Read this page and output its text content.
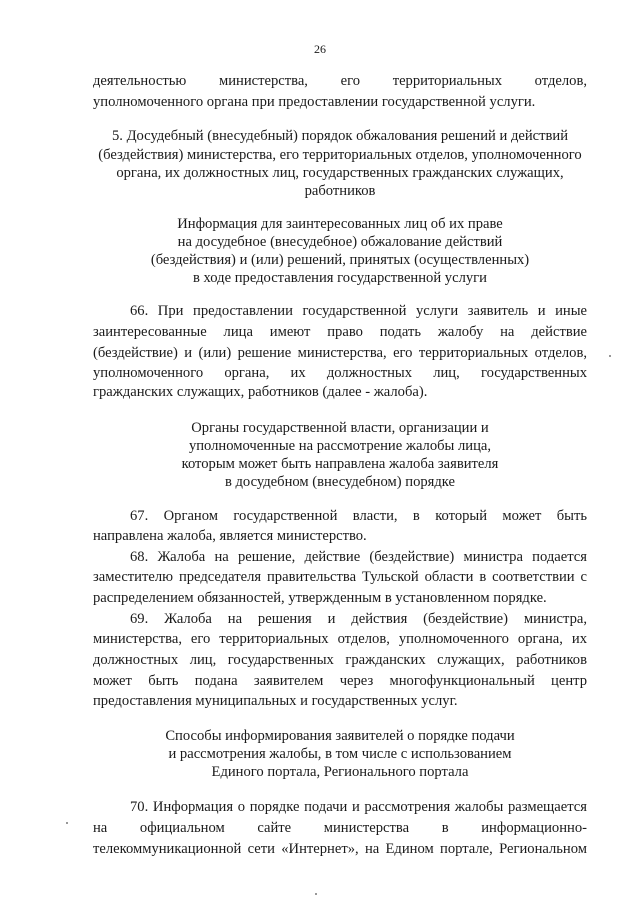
26
деятельностью министерства, его территориальных отделов,
уполномоченного органа при предоставлении государственной услуги.
5. Досудебный (внесудебный) порядок обжалования решений и действий
(бездействия) министерства, его территориальных отделов, уполномоченного
органа, их должностных лиц, государственных гражданских служащих,
работников
Информация для заинтересованных лиц об их праве
на досудебное (внесудебное) обжалование действий
(бездействия) и (или) решений, принятых (осуществленных)
в ходе предоставления государственной услуги
66. При предоставлении государственной услуги заявитель и иные
заинтересованные лица имеют право подать жалобу на действие
(бездействие) и (или) решение министерства, его территориальных отделов,
уполномоченного органа, их должностных лиц, государственных
гражданских служащих, работников (далее - жалоба).
Органы государственной власти, организации и
уполномоченные на рассмотрение жалобы лица,
которым может быть направлена жалоба заявителя
в досудебном (внесудебном) порядке
67. Органом государственной власти, в который может быть
направлена жалоба, является министерство.
68. Жалоба на решение, действие (бездействие) министра подается
заместителю председателя правительства Тульской области в соответствии с
распределением обязанностей, утвержденным в установленном порядке.
69. Жалоба на решения и действия (бездействие) министра,
министерства, его территориальных отделов, уполномоченного органа, их
должностных лиц, государственных гражданских служащих, работников
может быть подана заявителем через многофункциональный центр
предоставления муниципальных и государственных услуг.
Способы информирования заявителей о порядке подачи
и рассмотрения жалобы, в том числе с использованием
Единого портала, Регионального портала
70. Информация о порядке подачи и рассмотрения жалобы размещается
на официальном сайте министерства в информационно-
телекоммуникационной сети «Интернет», на Едином портале, Региональном
